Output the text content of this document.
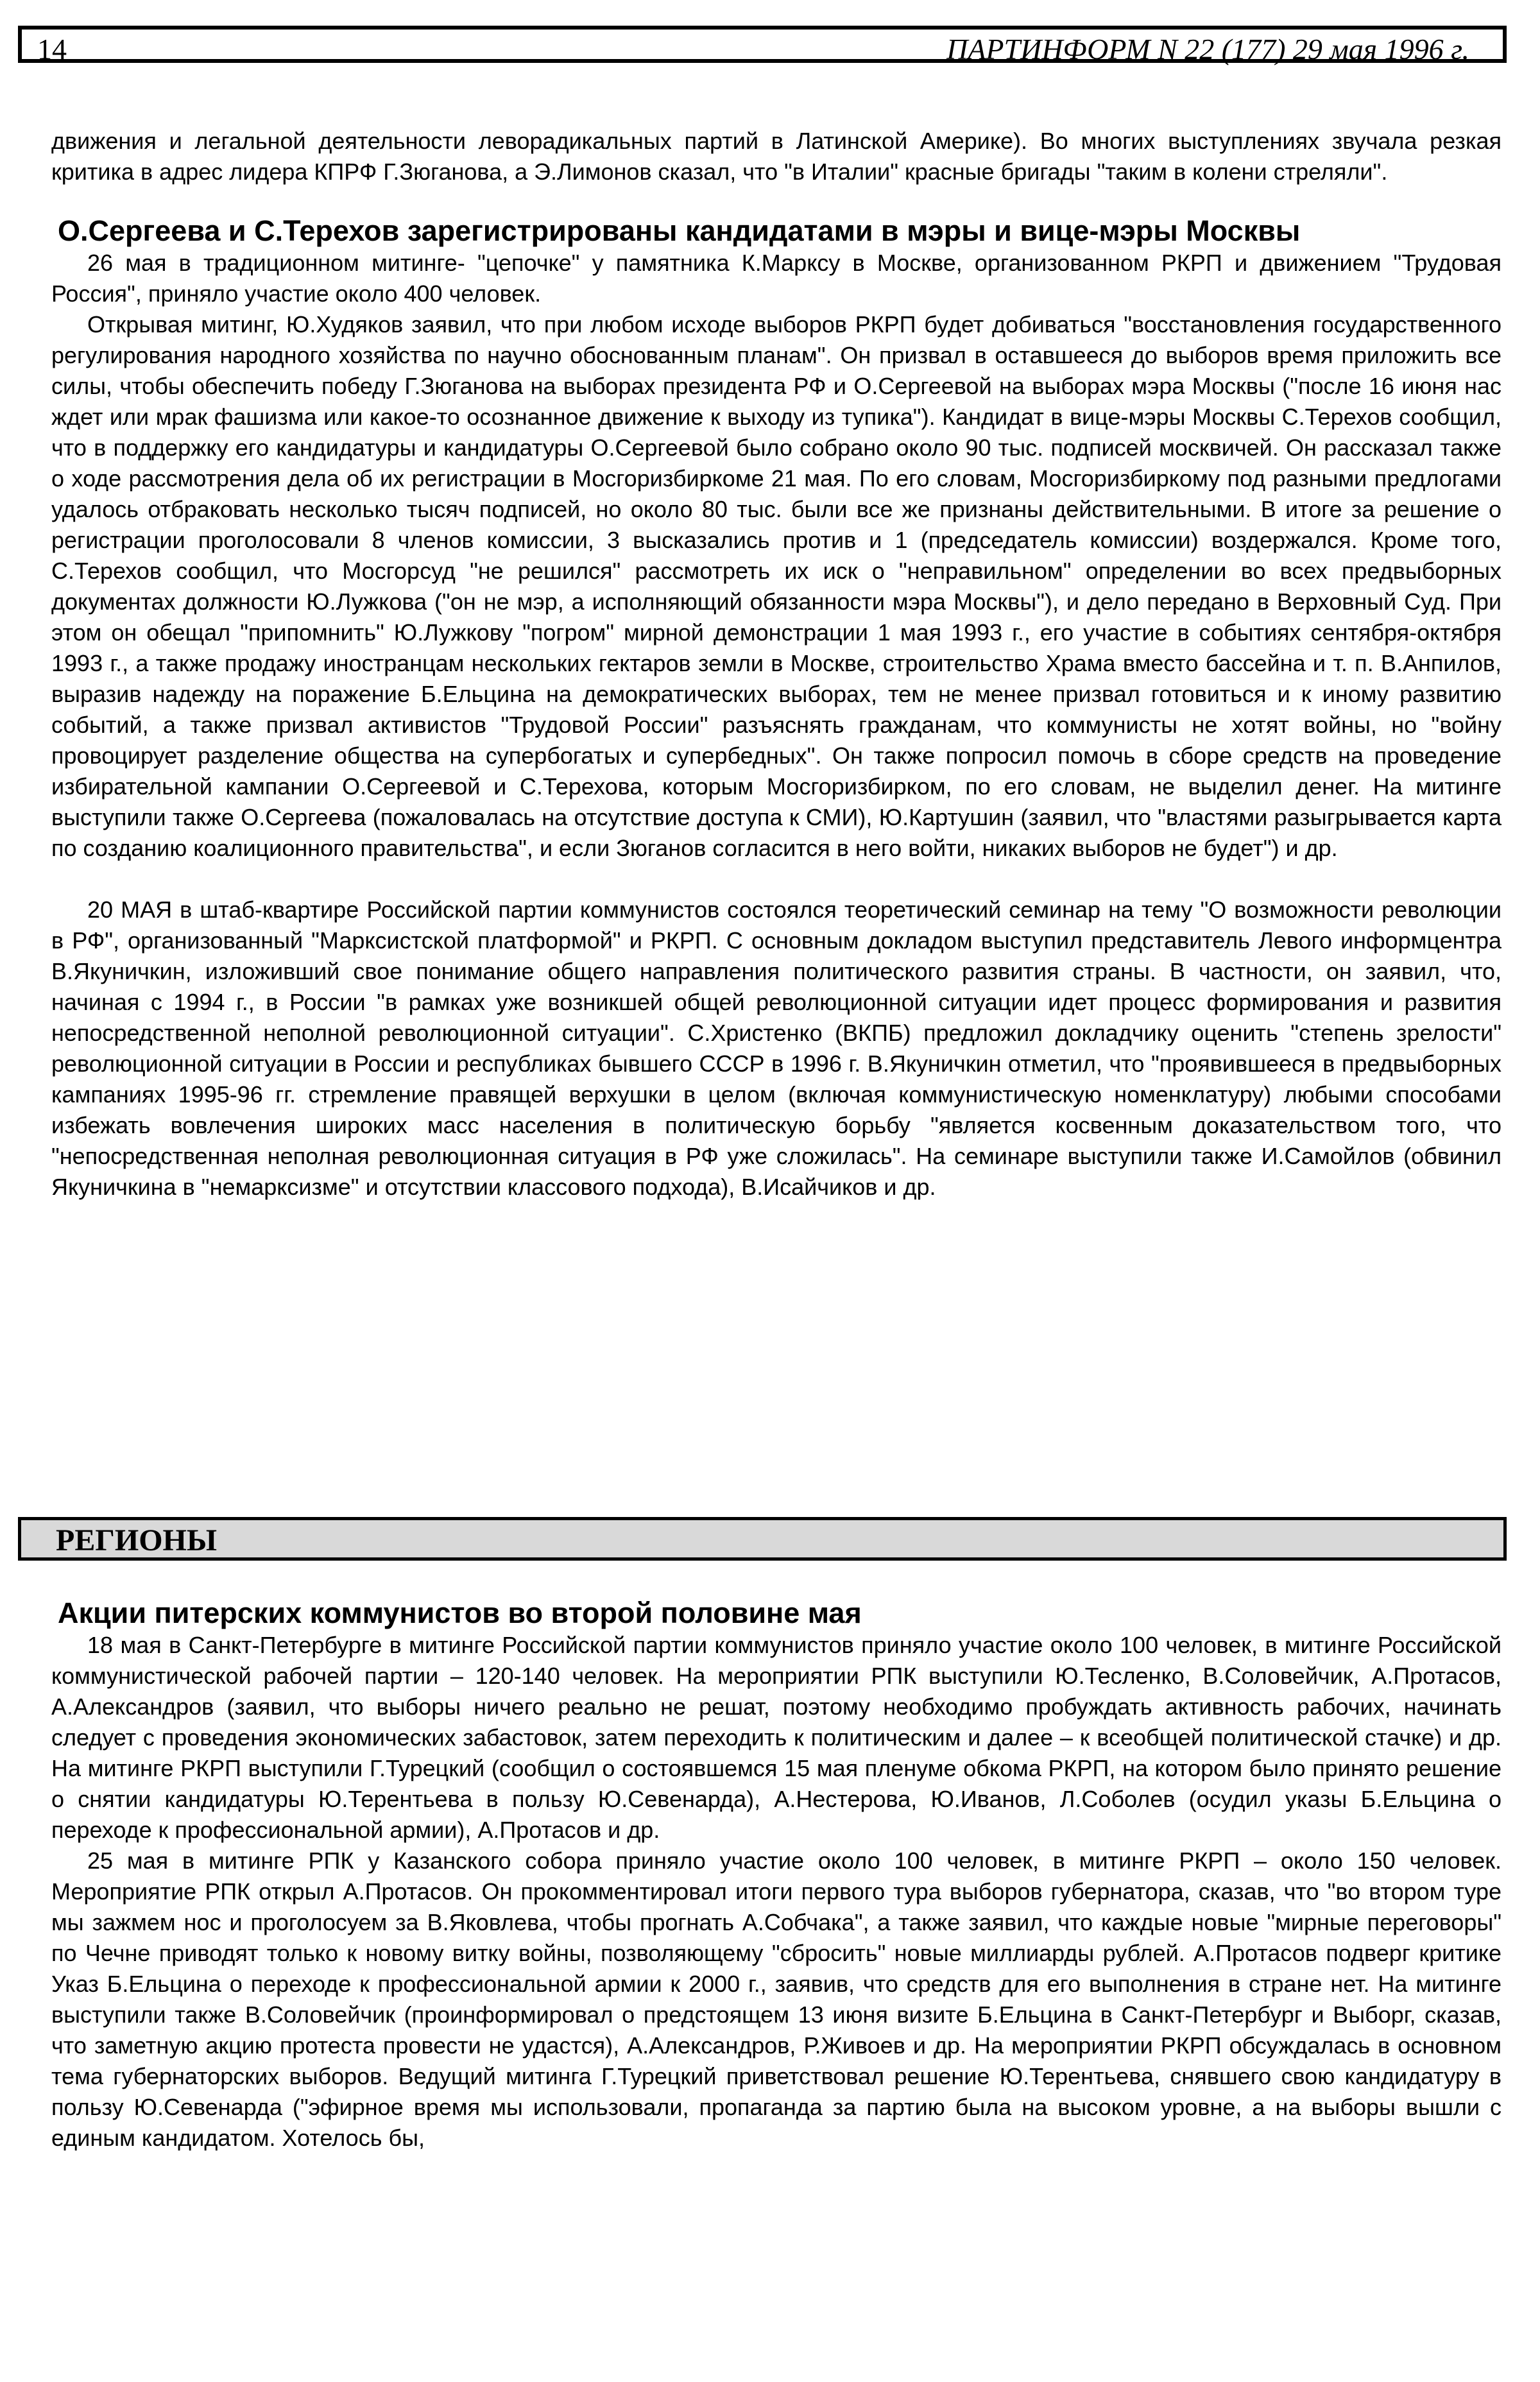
14	ПАРТИНФОРМ N 22 (177) 29 мая 1996 г.

движения и легальной деятельности леворадикальных партий в Латинской Америке). Во многих выступлениях звучала резкая критика в адрес лидера КПРФ Г.Зюганова, а Э.Лимонов сказал, что "в Италии" красные бригады "таким в колени стреляли".

О.Сергеева и С.Терехов зарегистрированы кандидатами в мэры и вице-мэры Москвы

26 мая в традиционном митинге- "цепочке" у памятника К.Марксу в Москве, организованном РКРП и движением "Трудовая Россия", приняло участие около 400 человек.

Открывая митинг, Ю.Худяков заявил, что при любом исходе выборов РКРП будет добиваться "восстановления государственного регулирования народного хозяйства по научно обоснованным планам". Он призвал в оставшееся до выборов время приложить все силы, чтобы обеспечить победу Г.Зюганова на выборах президента РФ и О.Сергеевой на выборах мэра Москвы ("после 16 июня нас ждет или мрак фашизма или какое-то осознанное движение к выходу из тупика"). Кандидат в вице-мэры Москвы С.Терехов сообщил, что в поддержку его кандидатуры и кандидатуры О.Сергеевой было собрано около 90 тыс. подписей москвичей. Он рассказал также о ходе рассмотрения дела об их регистрации в Мосгоризбиркоме 21 мая. По его словам, Мосгоризбиркому под разными предлогами удалось отбраковать несколько тысяч подписей, но около 80 тыс. были все же признаны действительными. В итоге за решение о регистрации проголосовали 8 членов комиссии, 3 высказались против и 1 (председатель комиссии) воздержался. Кроме того, С.Терехов сообщил, что Мосгорсуд "не решился" рассмотреть их иск о "неправильном" определении во всех предвыборных документах должности Ю.Лужкова ("он не мэр, а исполняющий обязанности мэра Москвы"), и дело передано в Верховный Суд. При этом он обещал "припомнить" Ю.Лужкову "погром" мирной демонстрации 1 мая 1993 г., его участие в событиях сентября-октября 1993 г., а также продажу иностранцам нескольких гектаров земли в Москве, строительство Храма вместо бассейна и т. п. В.Анпилов, выразив надежду на поражение Б.Ельцина на демократических выборах, тем не менее призвал готовиться и к иному развитию событий, а также призвал активистов "Трудовой России" разъяснять гражданам, что коммунисты не хотят войны, но "войну провоцирует разделение общества на супербогатых и супербедных". Он также попросил помочь в сборе средств на проведение избирательной кампании О.Сергеевой и С.Терехова, которым Мосгоризбирком, по его словам, не выделил денег. На митинге выступили также О.Сергеева (пожаловалась на отсутствие доступа к СМИ), Ю.Картушин (заявил, что "властями разыгрывается карта по созданию коалиционного правительства", и если Зюганов согласится в него войти, никаких выборов не будет") и др.

20 МАЯ в штаб-квартире Российской партии коммунистов состоялся теоретический семинар на тему "О возможности революции в РФ", организованный "Марксистской платформой" и РКРП. С основным докладом выступил представитель Левого информцентра В.Якуничкин, изложивший свое понимание общего направления политического развития страны. В частности, он заявил, что, начиная с 1994 г., в России "в рамках уже возникшей общей революционной ситуации идет процесс формирования и развития непосредственной неполной революционной ситуации". С.Христенко (ВКПБ) предложил докладчику оценить "степень зрелости" революционной ситуации в России и республиках бывшего СССР в 1996 г. В.Якуничкин отметил, что "проявившееся в предвыборных кампаниях 1995-96 гг. стремление правящей верхушки в целом (включая коммунистическую номенклатуру) любыми способами избежать вовлечения широких масс населения в политическую борьбу "является косвенным доказательством того, что "непосредственная неполная революционная ситуация в РФ уже сложилась". На семинаре выступили также И.Самойлов (обвинил Якуничкина в "немарксизме" и отсутствии классового подхода), В.Исайчиков и др.

РЕГИОНЫ

Акции питерских коммунистов во второй половине мая

18 мая в Санкт-Петербурге в митинге Российской партии коммунистов приняло участие около 100 человек, в митинге Российской коммунистической рабочей партии – 120-140 человек. На мероприятии РПК выступили Ю.Тесленко, В.Соловейчик, А.Протасов, А.Александров (заявил, что выборы ничего реально не решат, поэтому необходимо пробуждать активность рабочих, начинать следует с проведения экономических забастовок, затем переходить к политическим и далее – к всеобщей политической стачке) и др. На митинге РКРП выступили Г.Турецкий (сообщил о состоявшемся 15 мая пленуме обкома РКРП, на котором было принято решение о снятии кандидатуры Ю.Терентьева в пользу Ю.Севенарда), А.Нестерова, Ю.Иванов, Л.Соболев (осудил указы Б.Ельцина о переходе к профессиональной армии), А.Протасов и др.

25 мая в митинге РПК у Казанского собора приняло участие около 100 человек, в митинге РКРП – около 150 человек. Мероприятие РПК открыл А.Протасов. Он прокомментировал итоги первого тура выборов губернатора, сказав, что "во втором туре мы зажмем нос и проголосуем за В.Яковлева, чтобы прогнать А.Собчака", а также заявил, что каждые новые "мирные переговоры" по Чечне приводят только к новому витку войны, позволяющему "сбросить" новые миллиарды рублей. А.Протасов подверг критике Указ Б.Ельцина о переходе к профессиональной армии к 2000 г., заявив, что средств для его выполнения в стране нет. На митинге выступили также В.Соловейчик (проинформировал о предстоящем 13 июня визите Б.Ельцина в Санкт-Петербург и Выборг, сказав, что заметную акцию протеста провести не удастся), А.Александров, Р.Живоев и др. На мероприятии РКРП обсуждалась в основном тема губернаторских выборов. Ведущий митинга Г.Турецкий приветствовал решение Ю.Терентьева, снявшего свою кандидатуру в пользу Ю.Севенарда ("эфирное время мы использовали, пропаганда за партию была на высоком уровне, а на выборы вышли с единым кандидатом. Хотелось бы,
